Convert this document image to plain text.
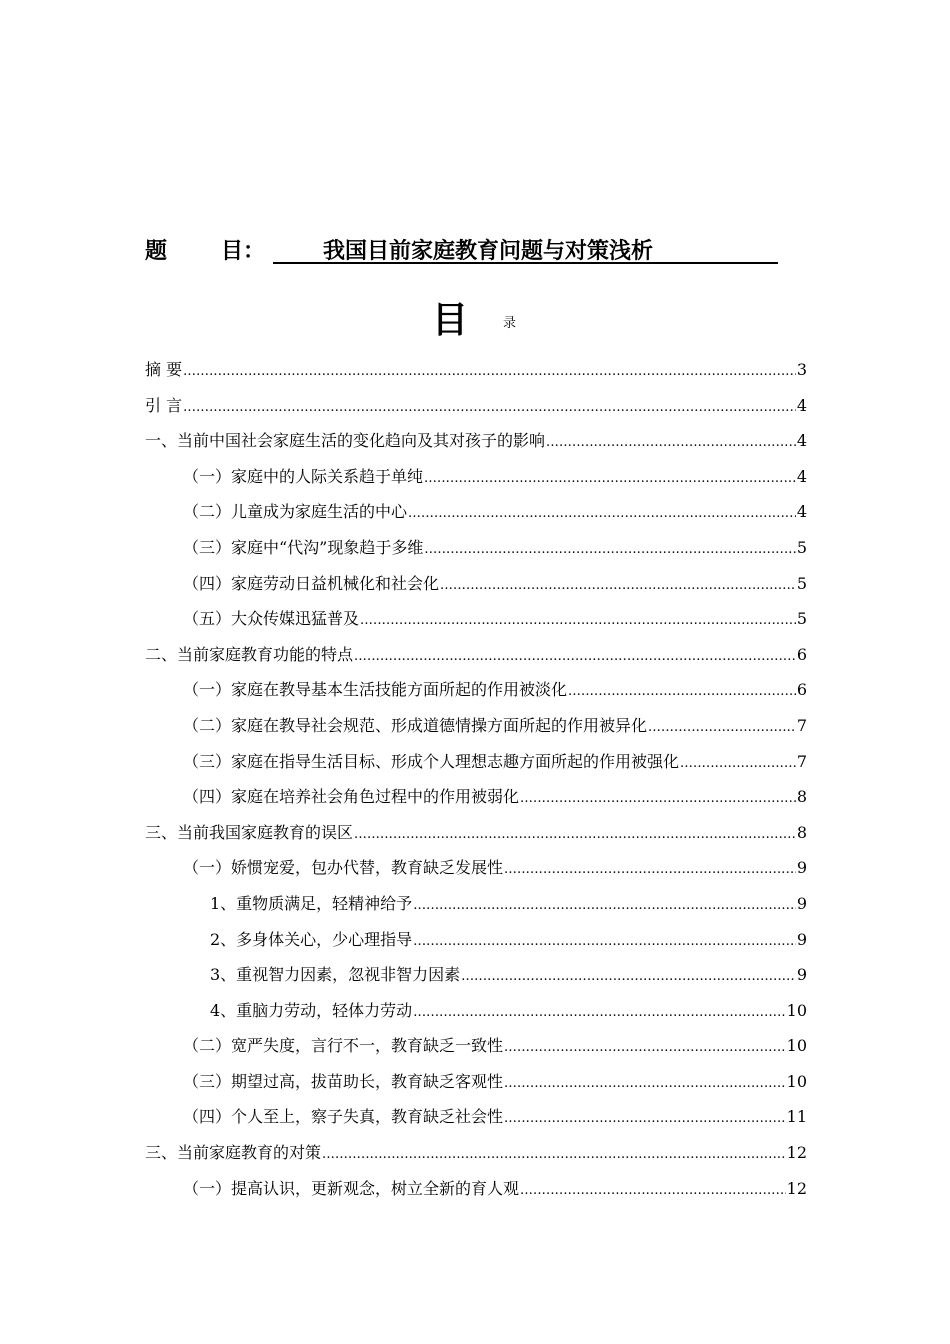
题 目：	我国目前家庭教育问题与对策浅析
目	录
摘 要 .....	3
引 言 .....	4
一、当前中国社会家庭生活的变化趋向及其对孩子的影响 .....	4
（一）家庭中的人际关系趋于单纯 .....	4
（二）儿童成为家庭生活的中心 .....	4
（三）家庭中“代沟”现象趋于多维 .....	5
（四）家庭劳动日益机械化和社会化 .....	5
（五）大众传媒迅猛普及 .....	5
二、当前家庭教育功能的特点 .....	6
（一）家庭在教导基本生活技能方面所起的作用被淡化 .....	6
（二）家庭在教导社会规范、形成道德情操方面所起的作用被异化 .....	7
（三）家庭在指导生活目标、形成个人理想志趣方面所起的作用被强化 .....	7
（四）家庭在培养社会角色过程中的作用被弱化 .....	8
三、当前我国家庭教育的误区 .....	8
（一）娇惯宠爱，包办代替，教育缺乏发展性 .....	9
1、重物质满足，轻精神给予 .....	9
2、多身体关心，少心理指导 .....	9
3、重视智力因素，忽视非智力因素 .....	9
4、重脑力劳动，轻体力劳动 .....	10
（二）宽严失度，言行不一，教育缺乏一致性 .....	10
（三）期望过高，拔苗助长，教育缺乏客观性 .....	10
（四）个人至上，察子失真，教育缺乏社会性 .....	11
三、当前家庭教育的对策 .....	12
（一）提高认识，更新观念，树立全新的育人观 .....	12
